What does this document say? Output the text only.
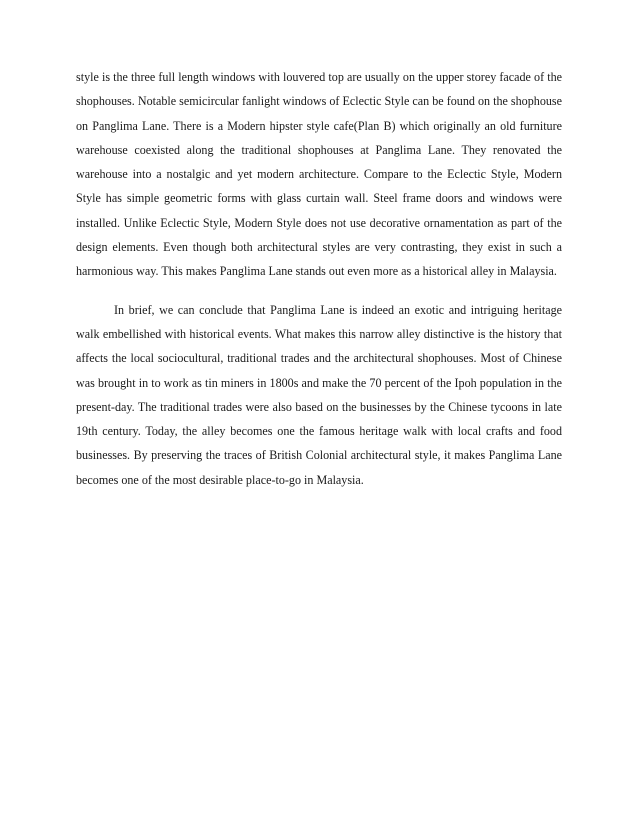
style is the three full length windows with louvered top are usually on the upper storey facade of the shophouses. Notable semicircular fanlight windows of Eclectic Style can be found on the shophouse on Panglima Lane. There is a Modern hipster style cafe(Plan B) which originally an old furniture warehouse coexisted along the traditional shophouses at Panglima Lane. They renovated the warehouse into a nostalgic and yet modern architecture. Compare to the Eclectic Style, Modern Style has simple geometric forms with glass curtain wall. Steel frame doors and windows were installed. Unlike Eclectic Style, Modern Style does not use decorative ornamentation as part of the design elements. Even though both architectural styles are very contrasting, they exist in such a harmonious way. This makes Panglima Lane stands out even more as a historical alley in Malaysia.

In brief, we can conclude that Panglima Lane is indeed an exotic and intriguing heritage walk embellished with historical events. What makes this narrow alley distinctive is the history that affects the local sociocultural, traditional trades and the architectural shophouses. Most of Chinese was brought in to work as tin miners in 1800s and make the 70 percent of the Ipoh population in the present-day. The traditional trades were also based on the businesses by the Chinese tycoons in late 19th century. Today, the alley becomes one the famous heritage walk with local crafts and food businesses. By preserving the traces of British Colonial architectural style, it makes Panglima Lane becomes one of the most desirable place-to-go in Malaysia.
